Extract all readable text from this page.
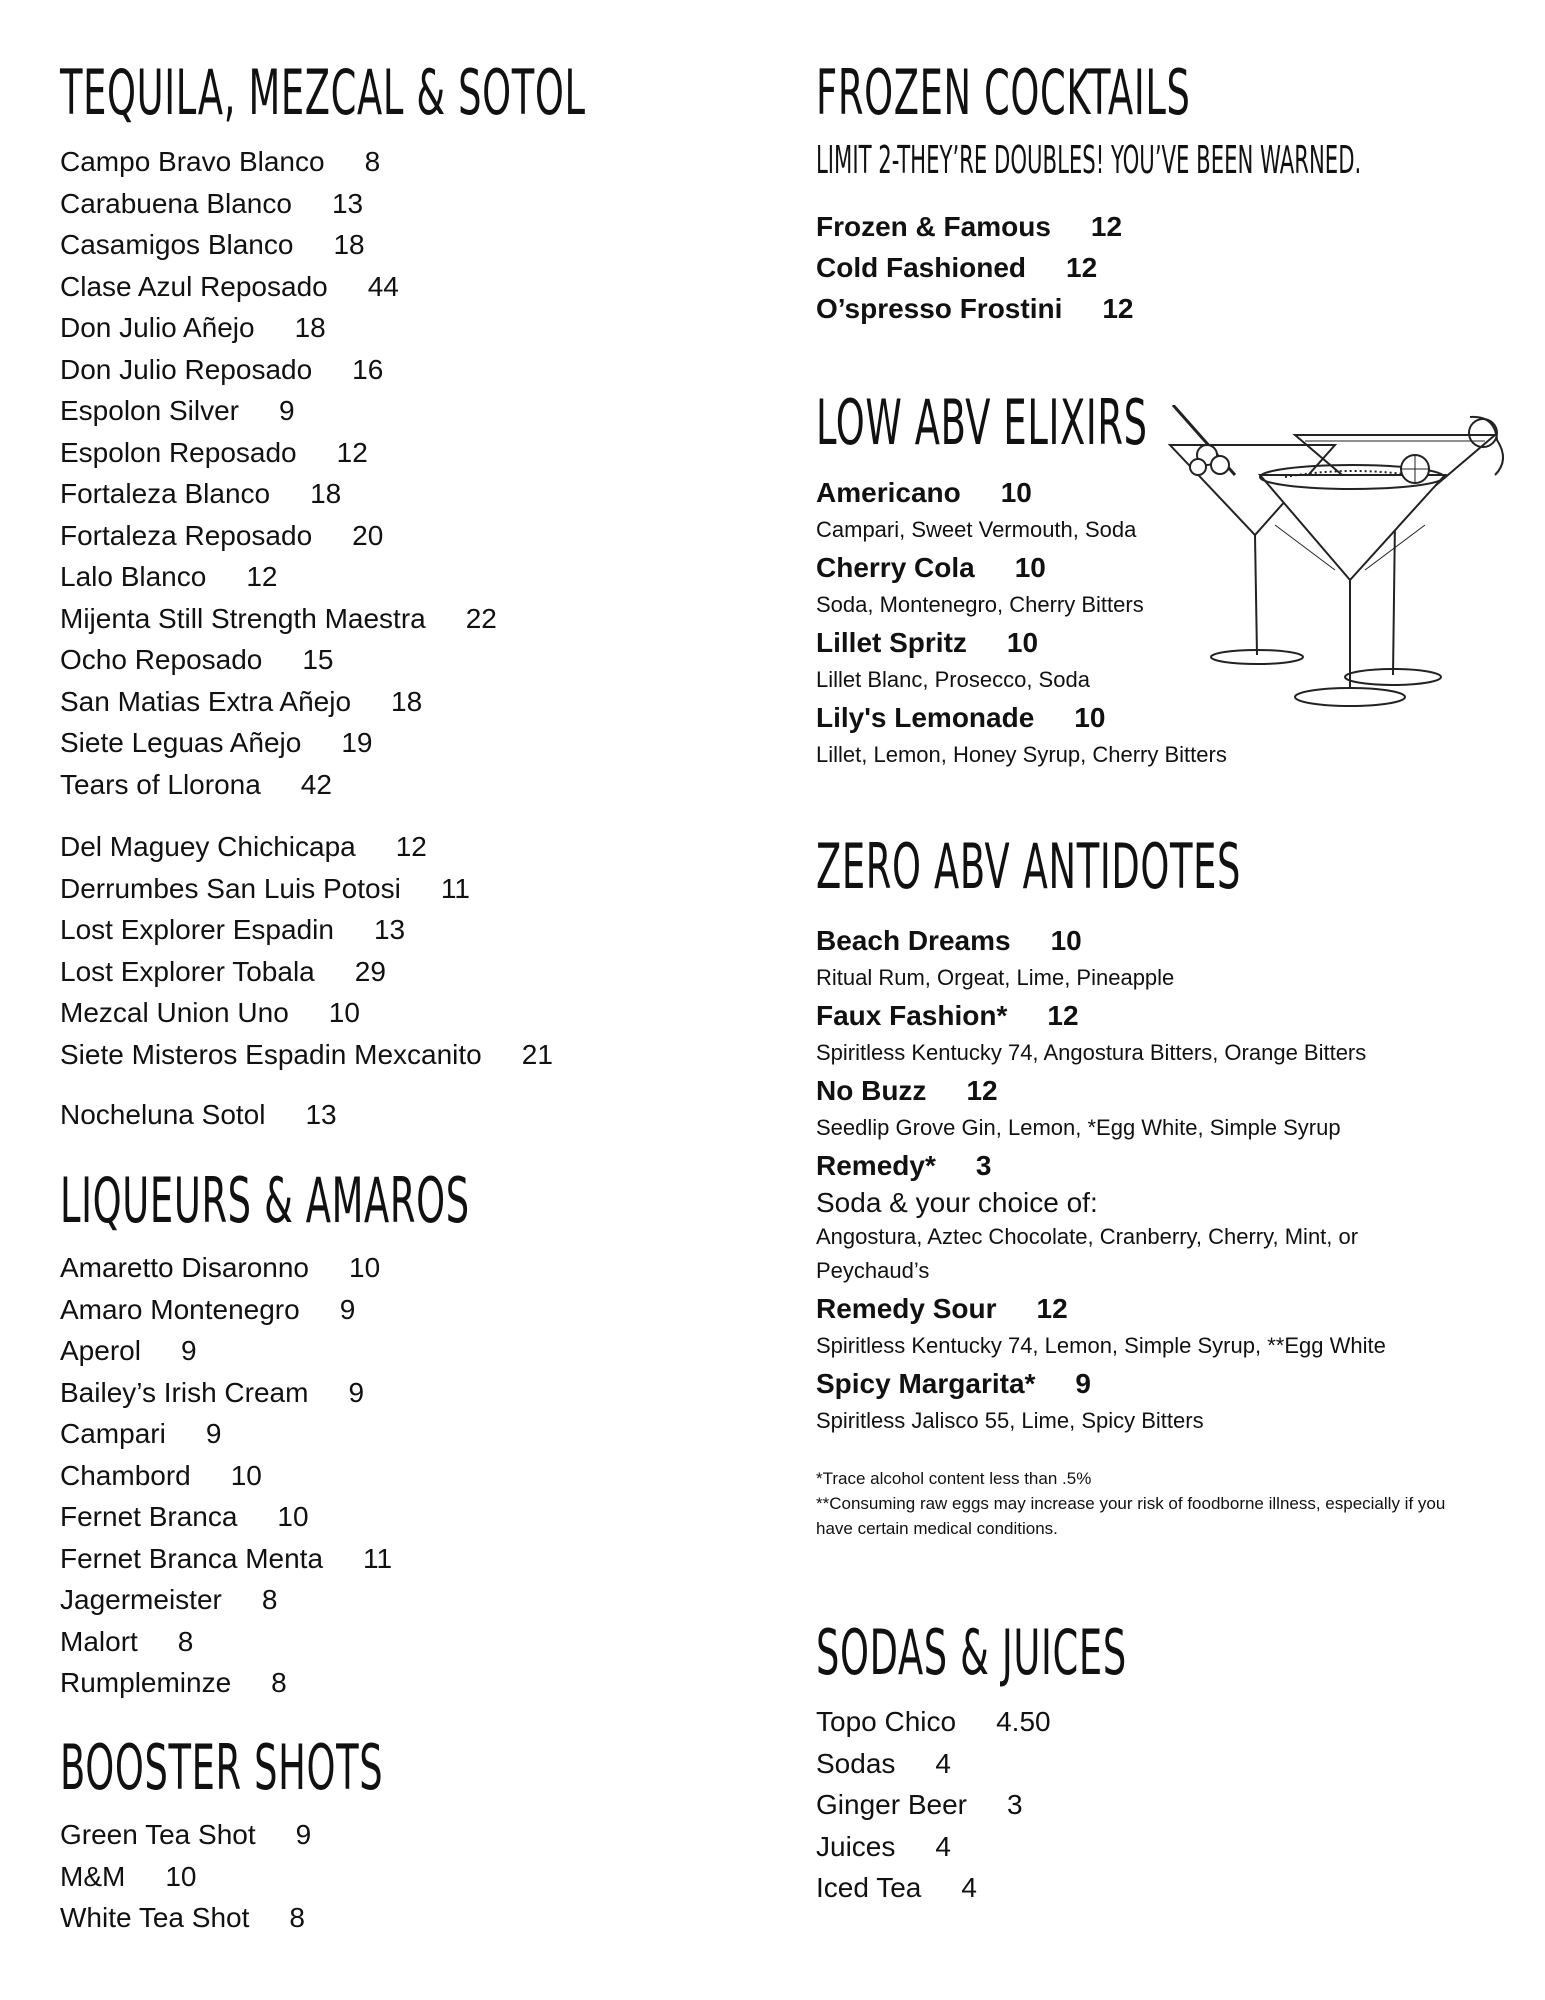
TEQUILA, MEZCAL & SOTOL
Campo Bravo Blanco 8
Carabuena Blanco 13
Casamigos Blanco 18
Clase Azul Reposado 44
Don Julio Añejo 18
Don Julio Reposado 16
Espolon Silver 9
Espolon Reposado 12
Fortaleza Blanco 18
Fortaleza Reposado 20
Lalo Blanco 12
Mijenta Still Strength Maestra 22
Ocho Reposado 15
San Matias Extra Añejo 18
Siete Leguas Añejo 19
Tears of Llorona 42
Del Maguey Chichicapa 12
Derrumbes San Luis Potosi 11
Lost Explorer Espadin 13
Lost Explorer Tobala 29
Mezcal Union Uno 10
Siete Misteros Espadin Mexcanito 21
Nocheluna Sotol 13
LIQUEURS & AMAROS
Amaretto Disaronno 10
Amaro Montenegro 9
Aperol 9
Bailey’s Irish Cream 9
Campari 9
Chambord 10
Fernet Branca 10
Fernet Branca Menta 11
Jagermeister 8
Malort 8
Rumpleminze 8
BOOSTER SHOTS
Green Tea Shot 9
M&M 10
White Tea Shot 8
FROZEN COCKTAILS
LIMIT 2-THEY’RE DOUBLES! YOU’VE BEEN WARNED.
Frozen & Famous 12
Cold Fashioned 12
O’spresso Frostini 12
LOW ABV ELIXIRS
Americano 10
Campari, Sweet Vermouth, Soda
Cherry Cola 10
Soda, Montenegro, Cherry Bitters
Lillet Spritz 10
Lillet Blanc, Prosecco, Soda
Lily's Lemonade 10
Lillet, Lemon, Honey Syrup, Cherry Bitters
ZERO ABV ANTIDOTES
Beach Dreams 10
Ritual Rum, Orgeat, Lime, Pineapple
Faux Fashion* 12
Spiritless Kentucky 74, Angostura Bitters, Orange Bitters
No Buzz 12
Seedlip Grove Gin, Lemon, *Egg White, Simple Syrup
Remedy* 3
Soda & your choice of:
Angostura, Aztec Chocolate, Cranberry, Cherry, Mint, or Peychaud’s
Remedy Sour 12
Spiritless Kentucky 74, Lemon, Simple Syrup, **Egg White
Spicy Margarita* 9
Spiritless Jalisco 55, Lime, Spicy Bitters
*Trace alcohol content less than .5%
**Consuming raw eggs may increase your risk of foodborne illness, especially if you have certain medical conditions.
SODAS & JUICES
Topo Chico 4.50
Sodas 4
Ginger Beer 3
Juices 4
Iced Tea 4
